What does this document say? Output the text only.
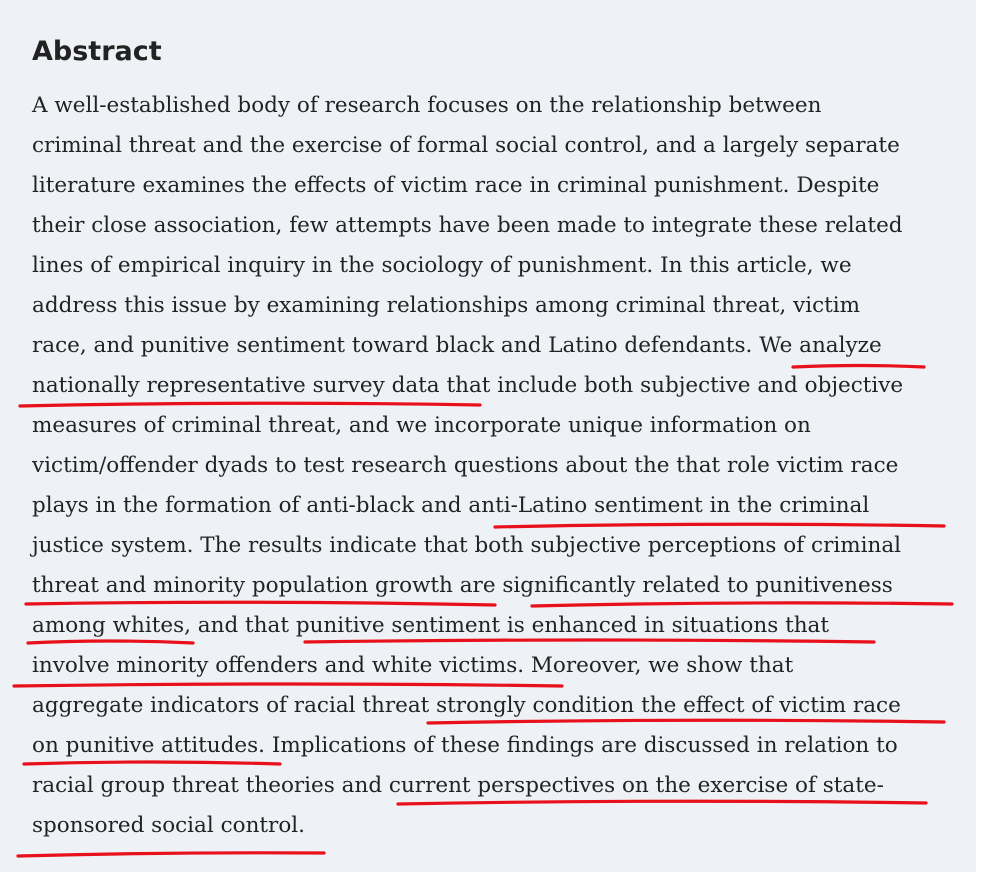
Abstract
A well-established body of research focuses on the relationship between
criminal threat and the exercise of formal social control, and a largely separate
literature examines the effects of victim race in criminal punishment. Despite
their close association, few attempts have been made to integrate these related
lines of empirical inquiry in the sociology of punishment. In this article, we
address this issue by examining relationships among criminal threat, victim
race, and punitive sentiment toward black and Latino defendants. We analyze
nationally representative survey data that include both subjective and objective
measures of criminal threat, and we incorporate unique information on
victim/offender dyads to test research questions about the that role victim race
plays in the formation of anti-black and anti-Latino sentiment in the criminal
justice system. The results indicate that both subjective perceptions of criminal
threat and minority population growth are significantly related to punitiveness
among whites, and that punitive sentiment is enhanced in situations that
involve minority offenders and white victims. Moreover, we show that
aggregate indicators of racial threat strongly condition the effect of victim race
on punitive attitudes. Implications of these findings are discussed in relation to
racial group threat theories and current perspectives on the exercise of state-
sponsored social control.
